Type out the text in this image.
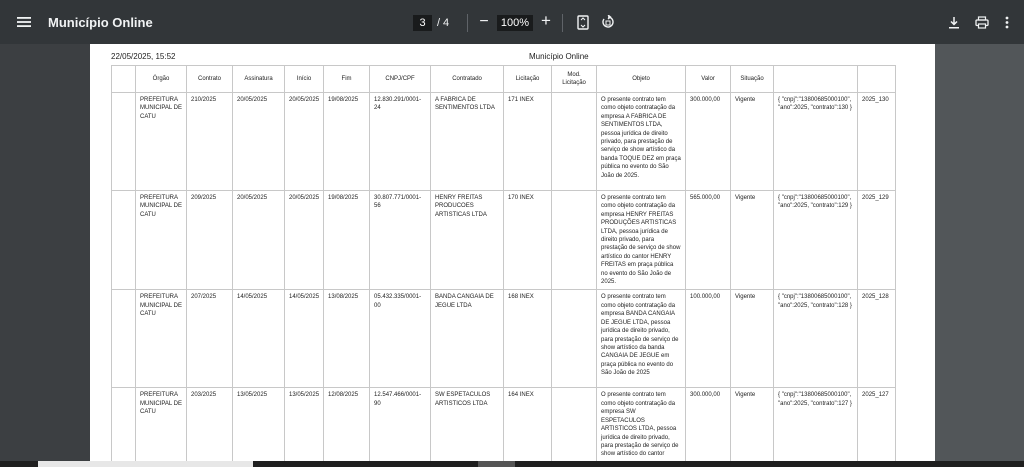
Município Online	3	/ 4 −	100% +
22/05/2025, 15:52	Município Online
	Órgão	Contrato	Assinatura	Início	Fim	CNPJ/CPF	Contratado	Licitação	Mod. Licitação	Objeto	Valor	Situação		
	PREFEITURA MUNICIPAL DE CATU	210/2025	20/05/2025	20/05/2025	19/08/2025	12.830.291/0001-24	A FABRICA DE SENTIMENTOS LTDA	171 INEX		O presente contrato tem como objeto contratação da empresa A FABRICA DE SENTIMENTOS LTDA, pessoa jurídica de direito privado, para prestação de serviço de show artístico da banda TOQUE DEZ em praça pública no evento do São João de 2025.	300.000,00	Vigente	{ "cnpj":"13800685000100", "ano":2025, "contrato":130 }	2025_130
	PREFEITURA MUNICIPAL DE CATU	209/2025	20/05/2025	20/05/2025	19/08/2025	30.807.771/0001-56	HENRY FREITAS PRODUCOES ARTISTICAS LTDA	170 INEX		O presente contrato tem como objeto contratação da empresa HENRY FREITAS PRODUÇÕES ARTISTICAS LTDA, pessoa jurídica de direito privado, para prestação de serviço de show artístico do cantor HENRY FREITAS em praça pública no evento do São João de 2025.	565.000,00	Vigente	{ "cnpj":"13800685000100", "ano":2025, "contrato":129 }	2025_129
	PREFEITURA MUNICIPAL DE CATU	207/2025	14/05/2025	14/05/2025	13/08/2025	05.432.335/0001-00	BANDA CANGAIA DE JEGUE LTDA	168 INEX		O presente contrato tem como objeto contratação da empresa BANDA CANGAIA DE JEGUE LTDA, pessoa jurídica de direito privado, para prestação de serviço de show artístico da banda CANGAIA DE JEGUE em praça pública no evento do São João de 2025	100.000,00	Vigente	{ "cnpj":"13800685000100", "ano":2025, "contrato":128 }	2025_128
	PREFEITURA MUNICIPAL DE CATU	203/2025	13/05/2025	13/05/2025	12/08/2025	12.547.466/0001-90	SW ESPETACULOS ARTISTICOS LTDA	164 INEX		O presente contrato tem como objeto contratação da empresa SW ESPETACULOS ARTISTICOS LTDA, pessoa jurídica de direito privado, para prestação de serviço de show artístico do cantor	300.000,00	Vigente	{ "cnpj":"13800685000100", "ano":2025, "contrato":127 }	2025_127
